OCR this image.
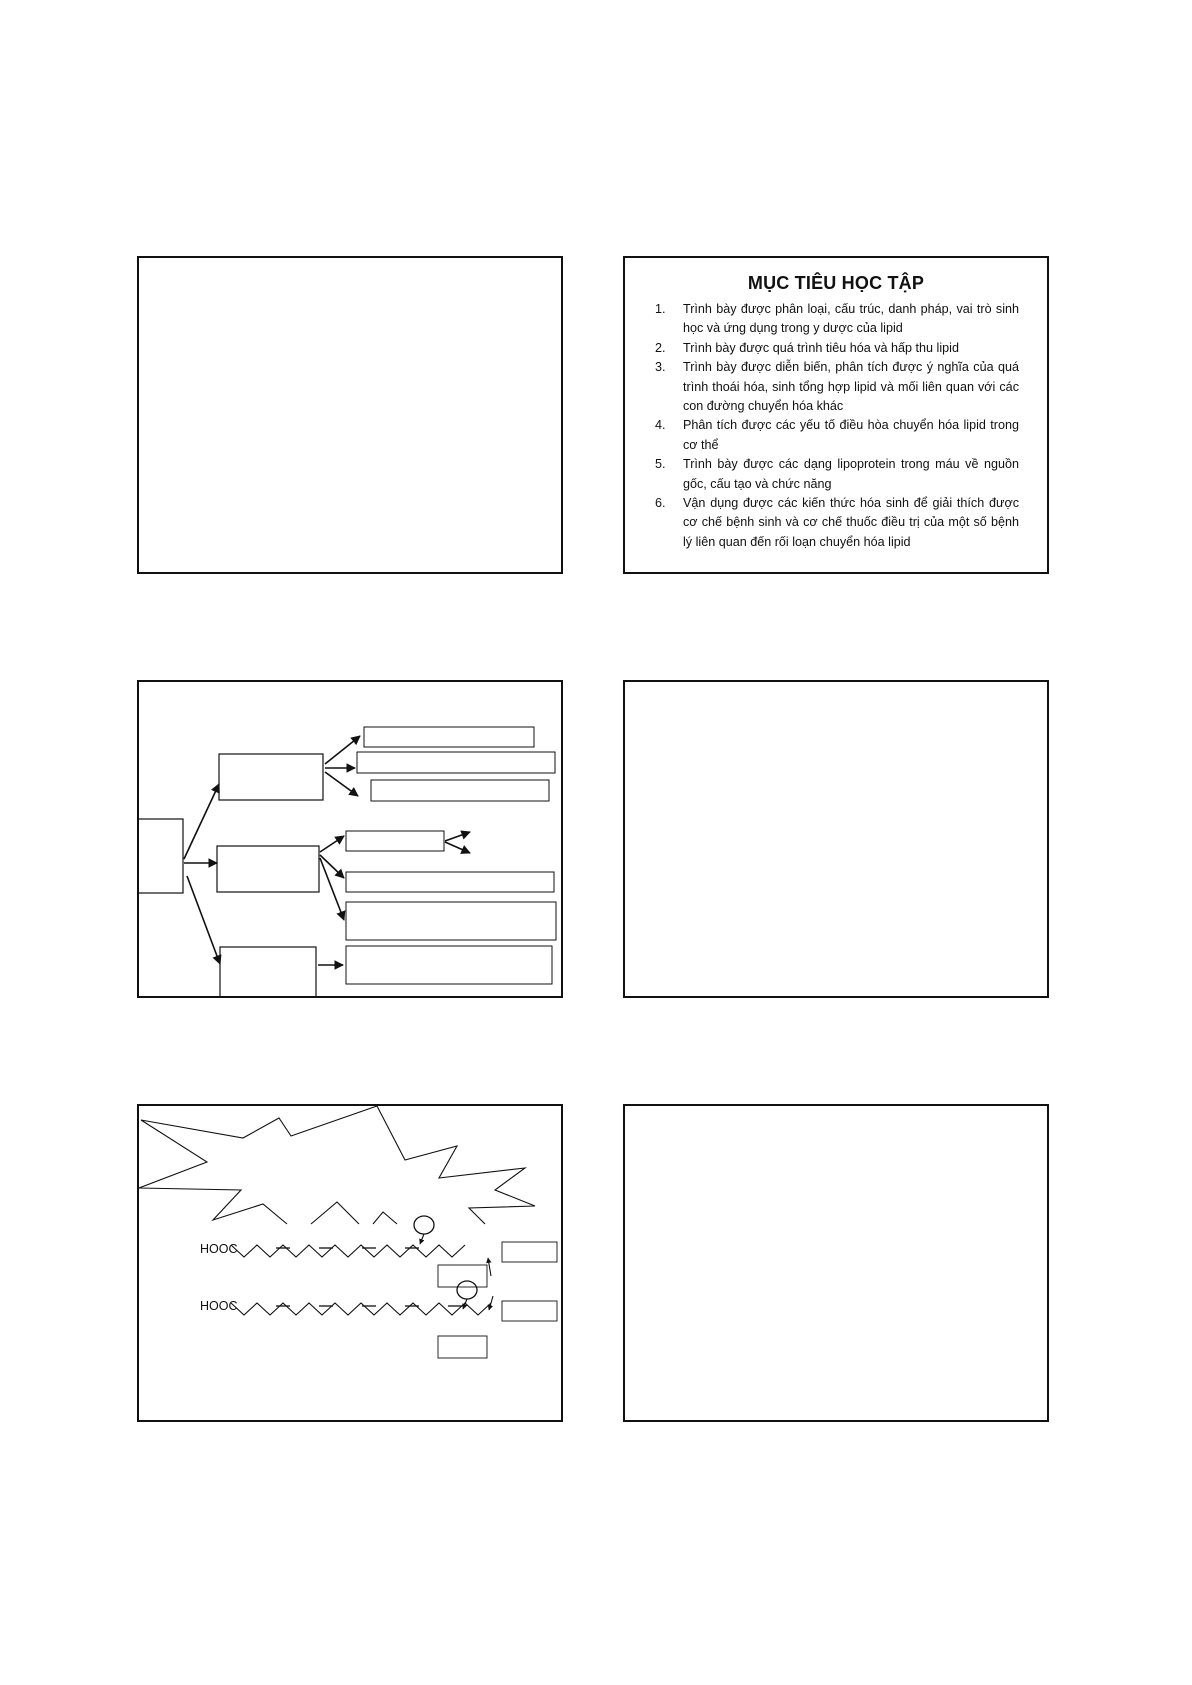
MỤC TIÊU HỌC TẬP
1. Trình bày được phân loại, cấu trúc, danh pháp, vai trò sinh học và ứng dụng trong y dược của lipid
2. Trình bày được quá trình tiêu hóa và hấp thu lipid
3. Trình bày được diễn biến, phân tích được ý nghĩa của quá trình thoái hóa, sinh tổng hợp lipid và mối liên quan với các con đường chuyển hóa khác
4. Phân tích được các yếu tố điều hòa chuyển hóa lipid trong cơ thể
5. Trình bày được các dạng lipoprotein trong máu về nguồn gốc, cấu tạo và chức năng
6. Vận dụng được các kiến thức hóa sinh để giải thích được cơ chế bệnh sinh và cơ chế thuốc điều trị của một số bệnh lý liên quan đến rối loạn chuyển hóa lipid
HOOC
HOOC
